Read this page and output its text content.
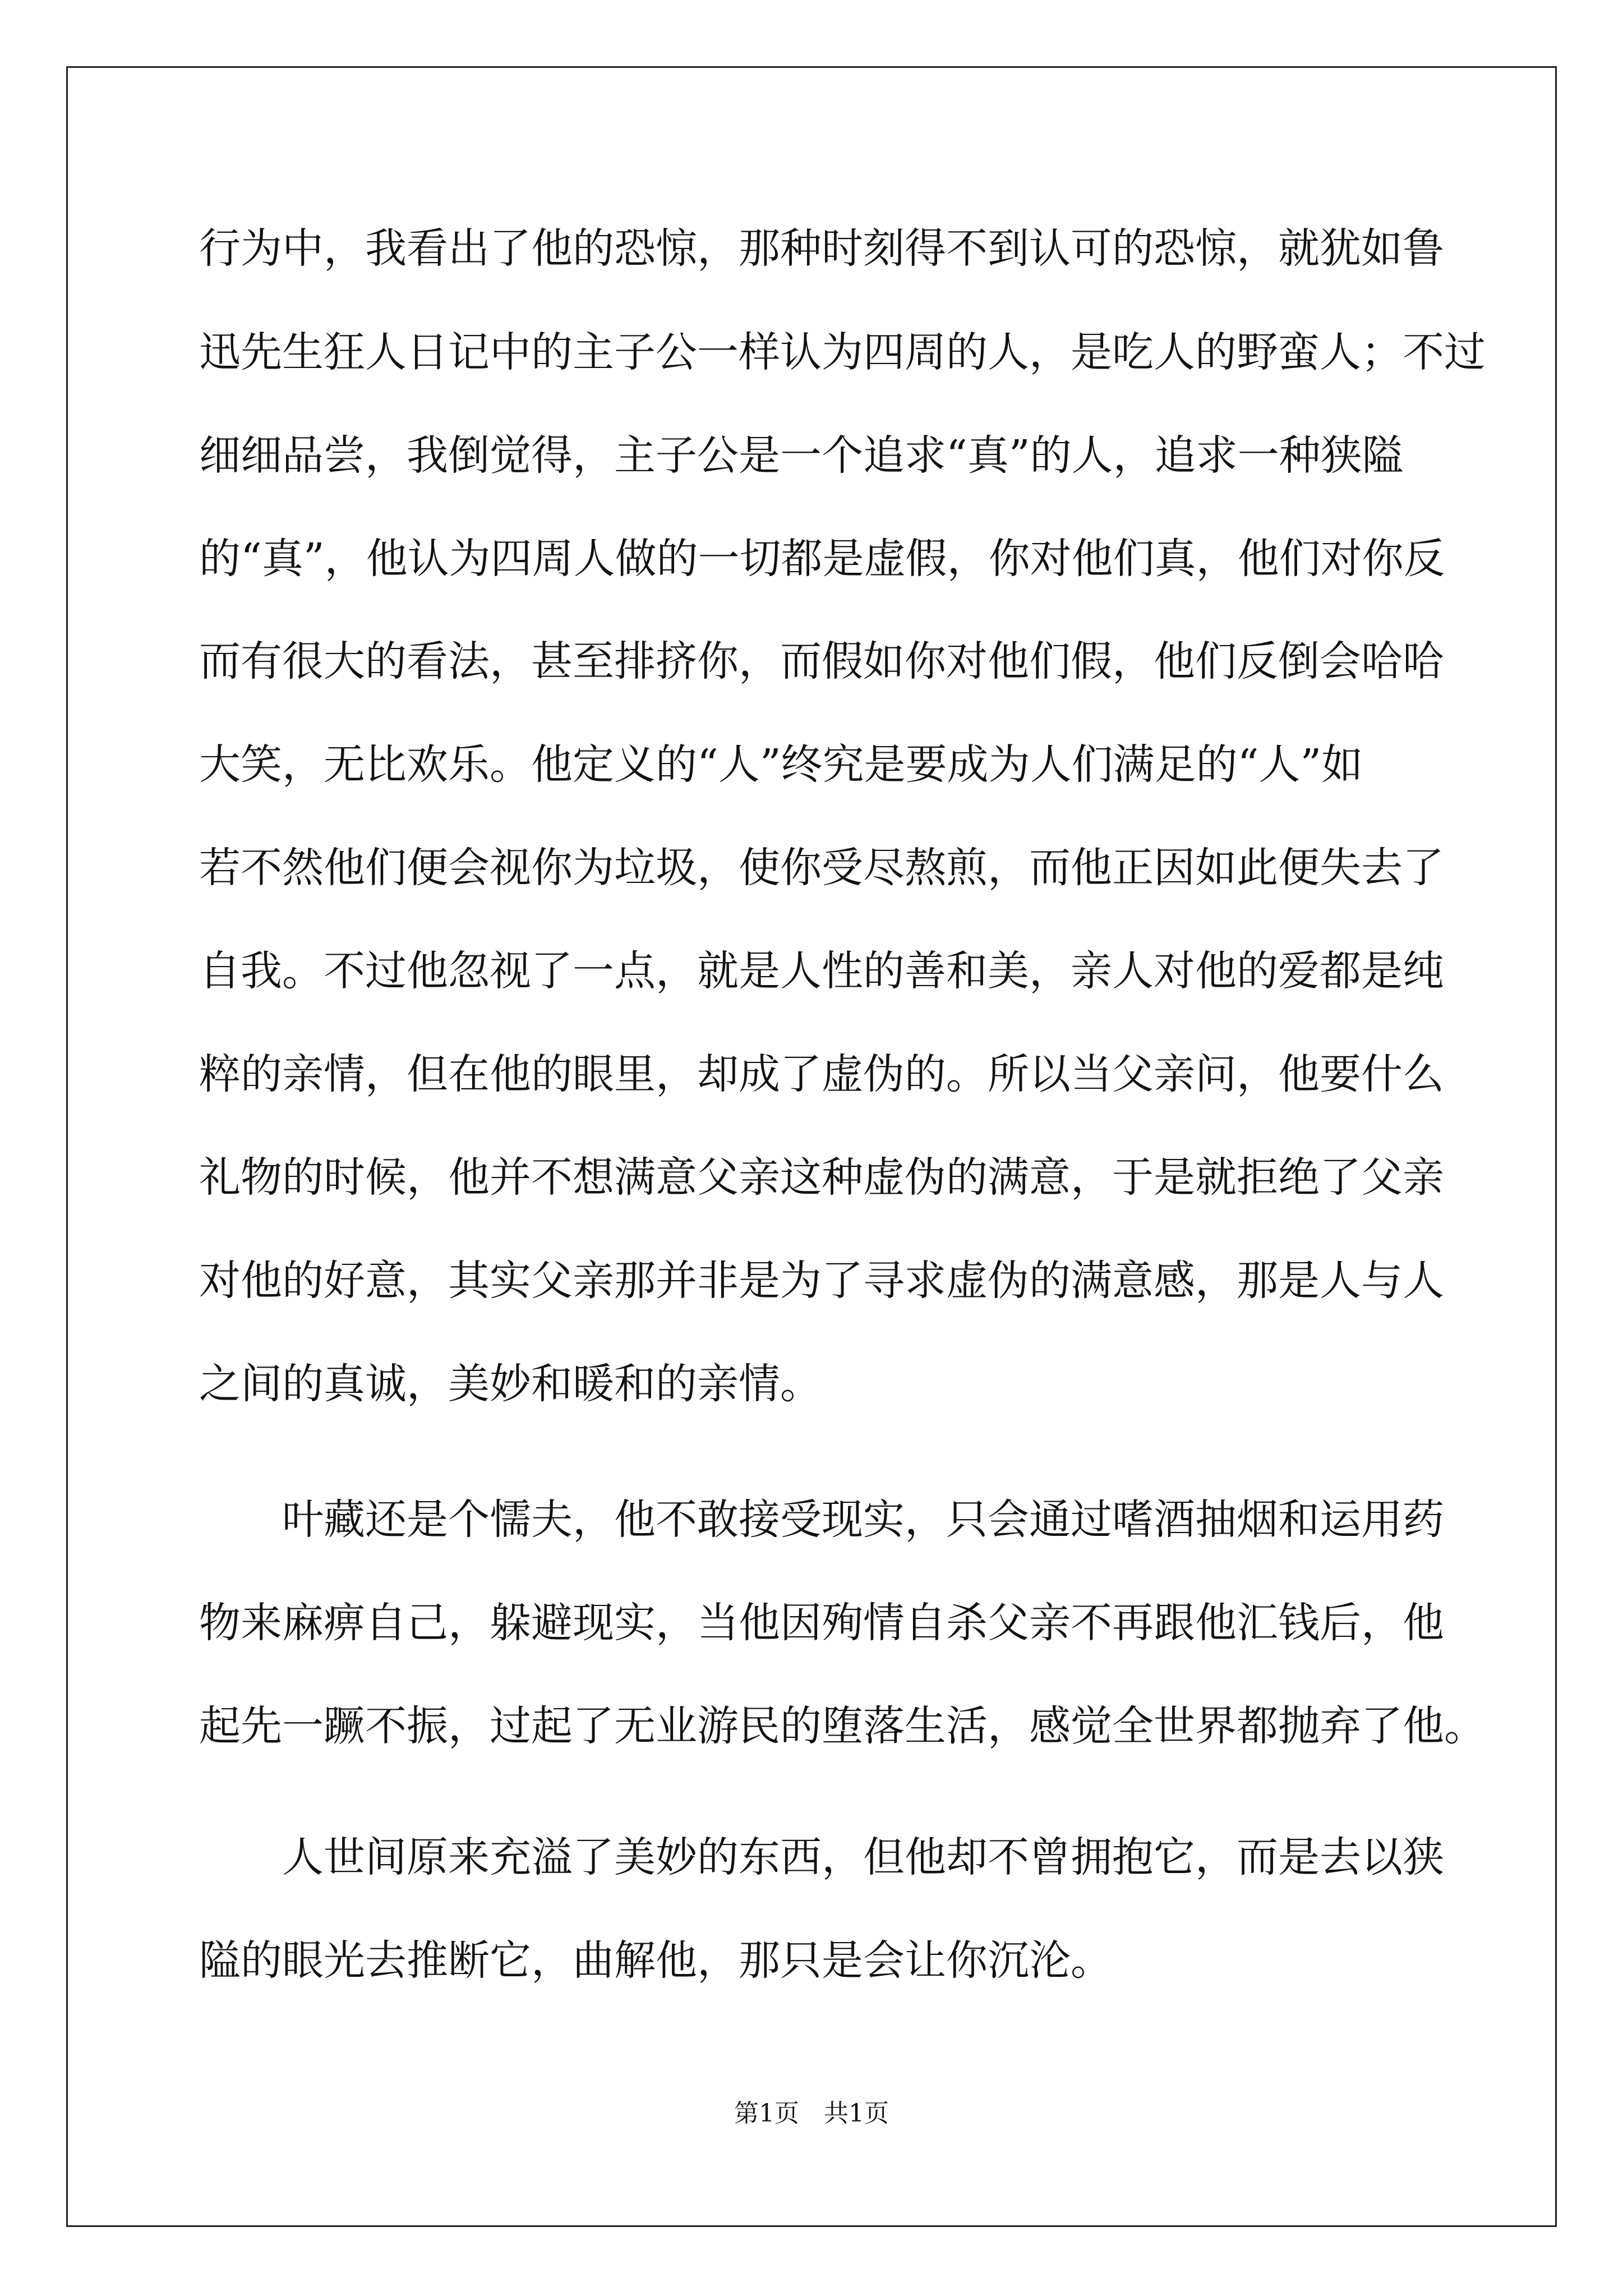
行为中，我看出了他的恐惊，那种时刻得不到认可的恐惊，就犹如鲁
迅先生狂人日记中的主子公一样认为四周的人，是吃人的野蛮人；不过
细细品尝，我倒觉得，主子公是一个追求“真”的人，追求一种狭隘
的“真”，他认为四周人做的一切都是虚假，你对他们真，他们对你反
而有很大的看法，甚至排挤你，而假如你对他们假，他们反倒会哈哈
大笑，无比欢乐。他定义的“人”终究是要成为人们满足的“人”如
若不然他们便会视你为垃圾，使你受尽熬煎，而他正因如此便失去了
自我。不过他忽视了一点，就是人性的善和美，亲人对他的爱都是纯
粹的亲情，但在他的眼里，却成了虚伪的。所以当父亲问，他要什么
礼物的时候，他并不想满意父亲这种虚伪的满意，于是就拒绝了父亲
对他的好意，其实父亲那并非是为了寻求虚伪的满意感，那是人与人
之间的真诚，美妙和暖和的亲情。
叶藏还是个懦夫，他不敢接受现实，只会通过嗜酒抽烟和运用药
物来麻痹自己，躲避现实，当他因殉情自杀父亲不再跟他汇钱后，他
起先一蹶不振，过起了无业游民的堕落生活，感觉全世界都抛弃了他。
人世间原来充溢了美妙的东西，但他却不曾拥抱它，而是去以狭
隘的眼光去推断它，曲解他，那只是会让你沉沦。
第1页　共1页
